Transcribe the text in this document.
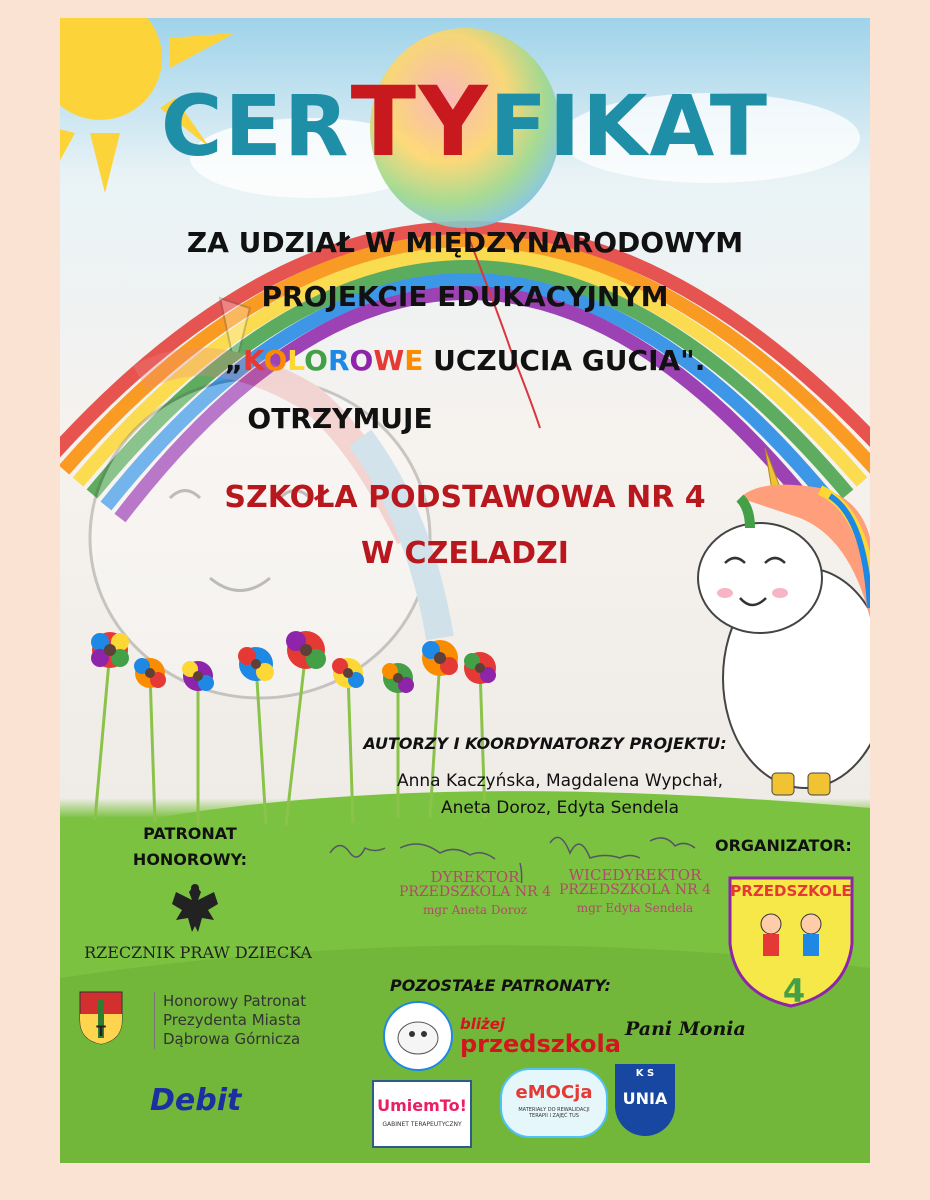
CERTYFIKAT
ZA UDZIAŁ W MIĘDZYNARODOWYM
PROJEKCIE EDUKACYJNYM
„KOLOROWE UCZUCIA GUCIA".
OTRZYMUJE
SZKOŁA PODSTAWOWA NR 4
W CZELADZI
AUTORZY I KOORDYNATORZY PROJEKTU:
Anna Kaczyńska, Magdalena Wypchał,
Aneta Doroz, Edyta Sendela
DYREKTOR
PRZEDSZKOLA NR 4
mgr Aneta Doroz
WICEDYREKTOR
PRZEDSZKOLA NR 4
mgr Edyta Sendela
PATRONAT
HONOROWY:
RZECZNIK PRAW DZIECKA
T
Honorowy Patronat
Prezydenta Miasta
Dąbrowa Górnicza
Debit
ORGANIZATOR:
PRZEDSZKOLE
4
POZOSTAŁE PATRONATY:
bliżej
przedszkola
Pani Monia
UmiemTo!
GABINET TERAPEUTYCZNY
eMOCja
MATERIAŁY DO REWALIDACJI TERAPII I ZAJĘĆ TUS
K S
UNIA
